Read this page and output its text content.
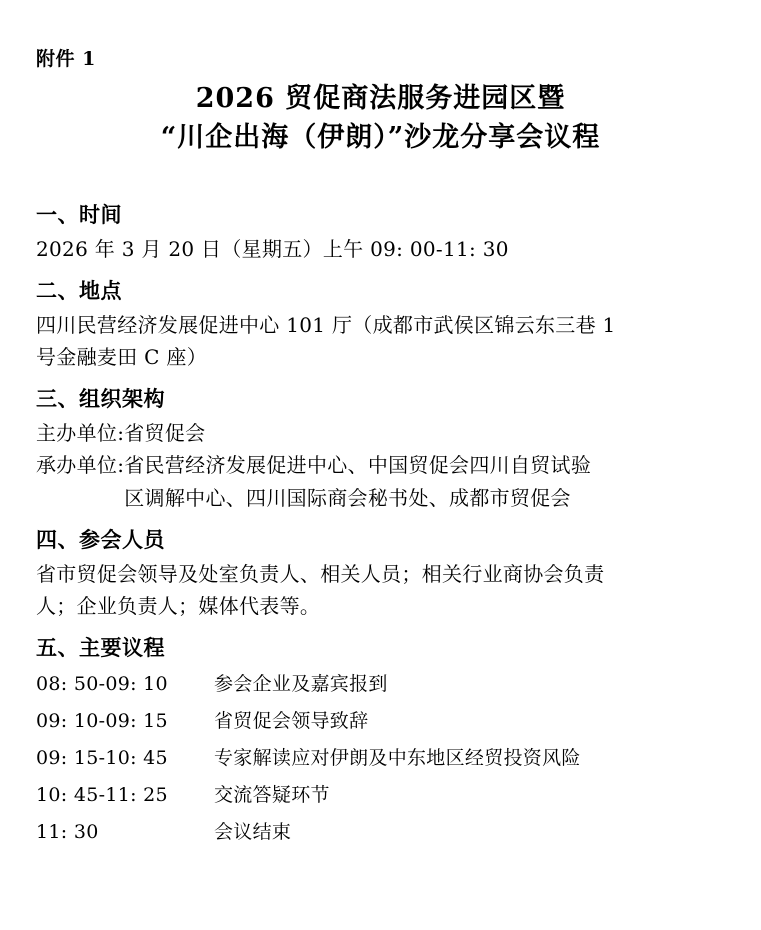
附件 1
2026 贸促商法服务进园区暨
“川企出海（伊朗）”沙龙分享会议程
一、时间

2026 年 3 月 20 日（星期五）上午 09: 00-11: 30

二、地点

四川民营经济发展促进中心 101 厅（成都市武侯区锦云东三巷 1

号金融麦田 C 座）

三、组织架构
主办单位: 省贸促会
承办单位: 省民营经济发展促进中心、中国贸促会四川自贸试验
区调解中心、四川国际商会秘书处、成都市贸促会
四、参会人员

省市贸促会领导及处室负责人、相关人员；相关行业商协会负责

人；企业负责人；媒体代表等。

五、主要议程
08: 50-09: 10	参会企业及嘉宾报到
09: 10-09: 15	省贸促会领导致辞
09: 15-10: 45	专家解读应对伊朗及中东地区经贸投资风险
10: 45-11: 25	交流答疑环节
11: 30	会议结束
